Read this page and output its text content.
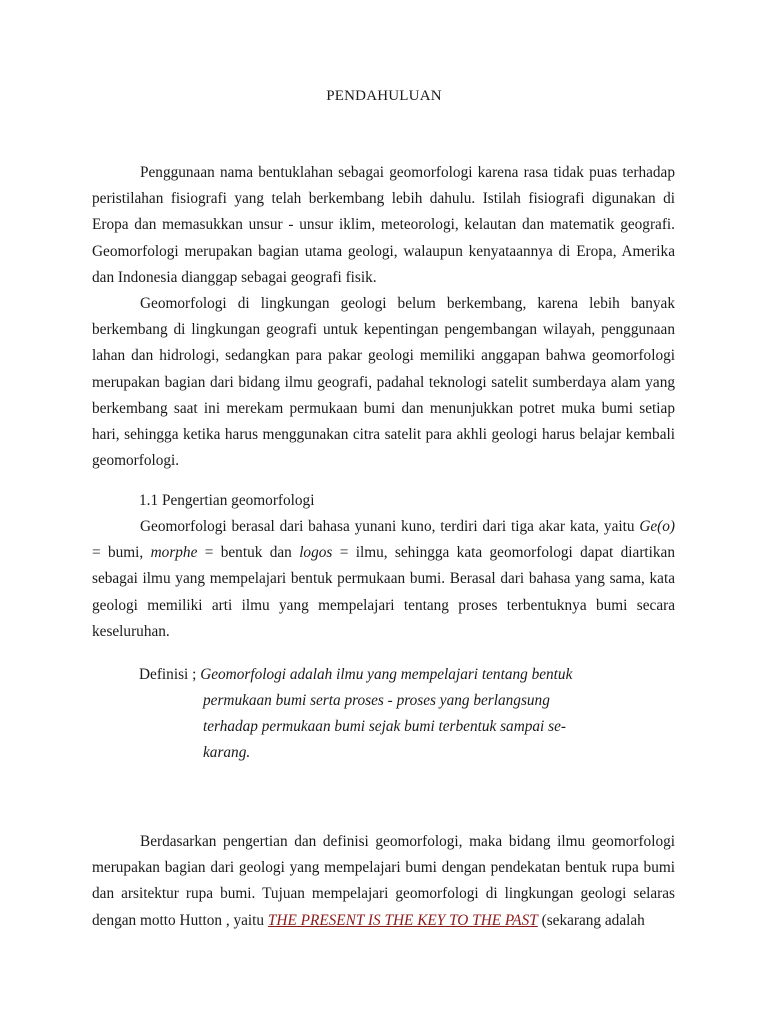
PENDAHULUAN

Penggunaan nama bentuklahan sebagai geomorfologi karena rasa tidak puas terhadap peristilahan fisiografi yang telah berkembang lebih dahulu. Istilah fisiografi digunakan di Eropa dan memasukkan unsur - unsur iklim, meteorologi, kelautan dan matematik geografi. Geomorfologi merupakan bagian utama geologi, walaupun kenyataannya di Eropa, Amerika dan Indonesia dianggap sebagai geografi fisik.

Geomorfologi di lingkungan geologi belum berkembang, karena lebih banyak berkembang di lingkungan geografi untuk kepentingan pengembangan wilayah, penggunaan lahan dan hidrologi, sedangkan para pakar geologi memiliki anggapan bahwa geomorfologi merupakan bagian dari bidang ilmu geografi, padahal teknologi satelit sumberdaya alam yang berkembang saat ini merekam permukaan bumi dan menunjukkan potret muka bumi setiap hari, sehingga ketika harus menggunakan citra satelit para akhli geologi harus belajar kembali geomorfologi.

1.1 Pengertian geomorfologi

Geomorfologi berasal dari bahasa yunani kuno, terdiri dari tiga akar kata, yaitu Ge(o) = bumi, morphe = bentuk dan logos = ilmu, sehingga kata geomorfologi dapat diartikan sebagai ilmu yang mempelajari bentuk permukaan bumi. Berasal dari bahasa yang sama, kata geologi memiliki arti ilmu yang mempelajari tentang proses terbentuknya bumi secara keseluruhan.

Definisi ; Geomorfologi adalah ilmu yang mempelajari tentang bentuk
permukaan bumi serta proses - proses yang berlangsung
terhadap permukaan bumi sejak bumi terbentuk sampai se-
karang.

Berdasarkan pengertian dan definisi geomorfologi, maka bidang ilmu geomorfologi merupakan bagian dari geologi yang mempelajari bumi dengan pendekatan bentuk rupa bumi dan arsitektur rupa bumi. Tujuan mempelajari geomorfologi di lingkungan geologi selaras dengan motto Hutton , yaitu THE PRESENT IS THE KEY TO THE PAST (sekarang adalah
